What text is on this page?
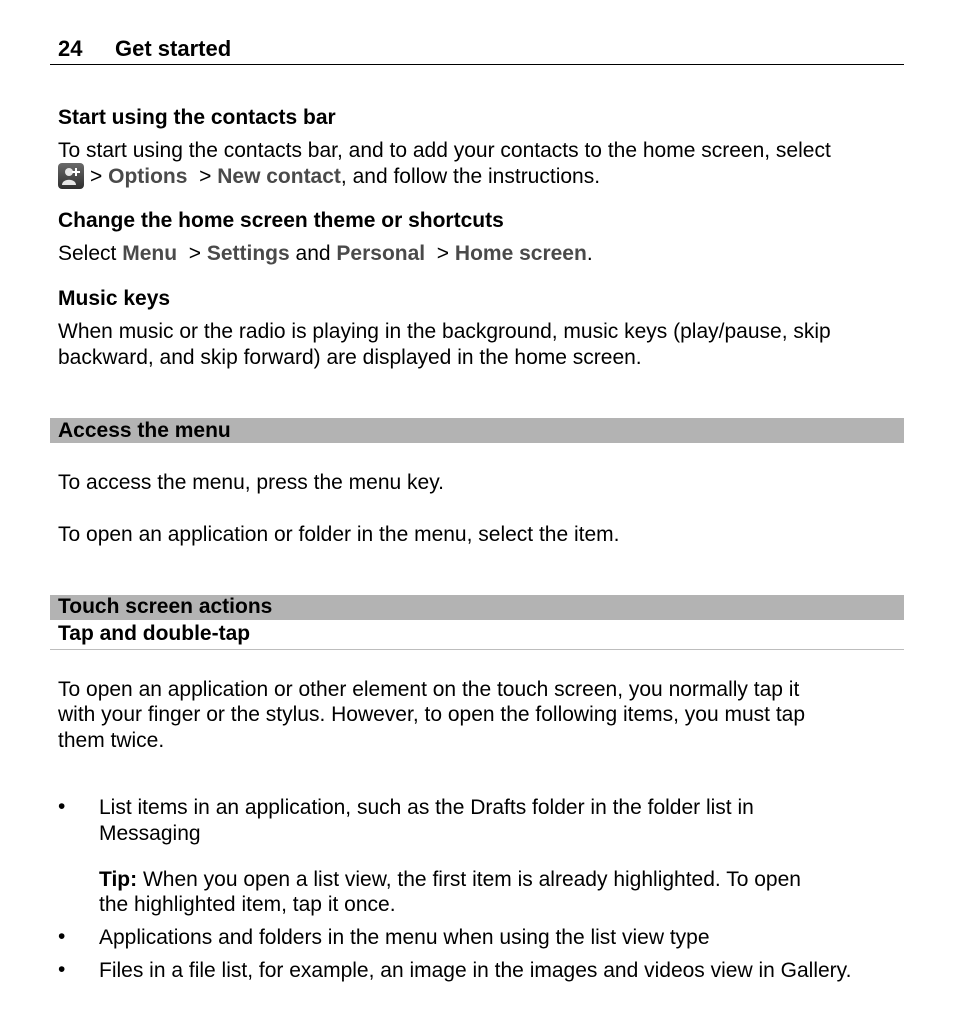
24 Get started
Start using the contacts bar
To start using the contacts bar, and to add your contacts to the home screen, select
> Options > New contact, and follow the instructions.
Change the home screen theme or shortcuts
Select Menu > Settings and Personal > Home screen.
Music keys
When music or the radio is playing in the background, music keys (play/pause, skip
backward, and skip forward) are displayed in the home screen.
Access the menu
To access the menu, press the menu key.
To open an application or folder in the menu, select the item.
Touch screen actions
Tap and double-tap
To open an application or other element on the touch screen, you normally tap it
with your finger or the stylus. However, to open the following items, you must tap
them twice.
• List items in an application, such as the Drafts folder in the folder list in
Messaging
Tip: When you open a list view, the first item is already highlighted. To open
the highlighted item, tap it once.
• Applications and folders in the menu when using the list view type
• Files in a file list, for example, an image in the images and videos view in Gallery.
